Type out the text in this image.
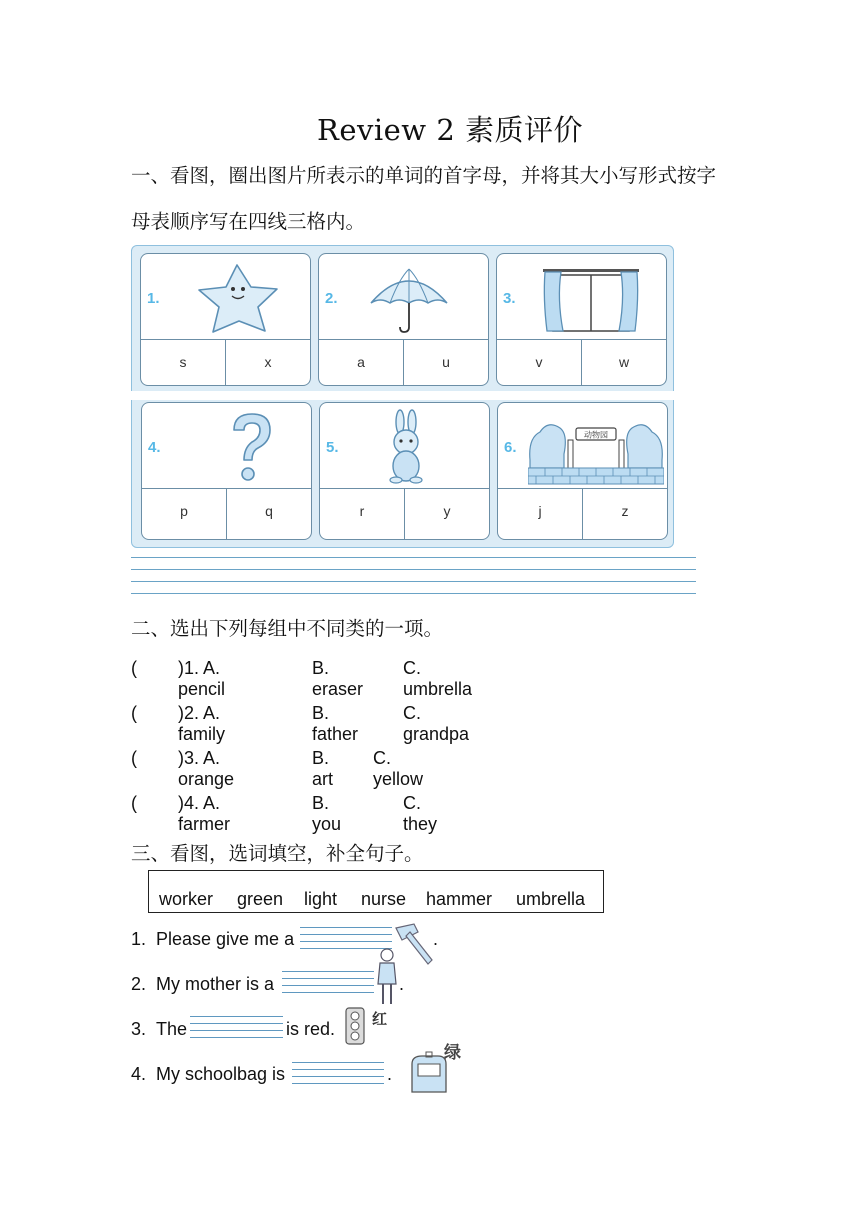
Review 2 素质评价
一、看图，圈出图片所表示的单词的首字母，并将其大小写形式按字
母表顺序写在四线三格内。
1.
s	x
2.
a	u
3.
v	w
4.
p	q
5.
r	y
6.
动物园
j	z
二、选出下列每组中不同类的一项。
( )1. A. pencil
B. eraser
C. umbrella
( )2. A. family
B. father
C. grandpa
( )3. A. orange
B. art
C. yellow
( )4. A. farmer
B. you
C. they
三、看图，选词填空，补全句子。
worker green light nurse hammer umbrella
1. Please give me a	.
2. My mother is a	.
3. The	is red. 红
4. My schoolbag is	.
绿
